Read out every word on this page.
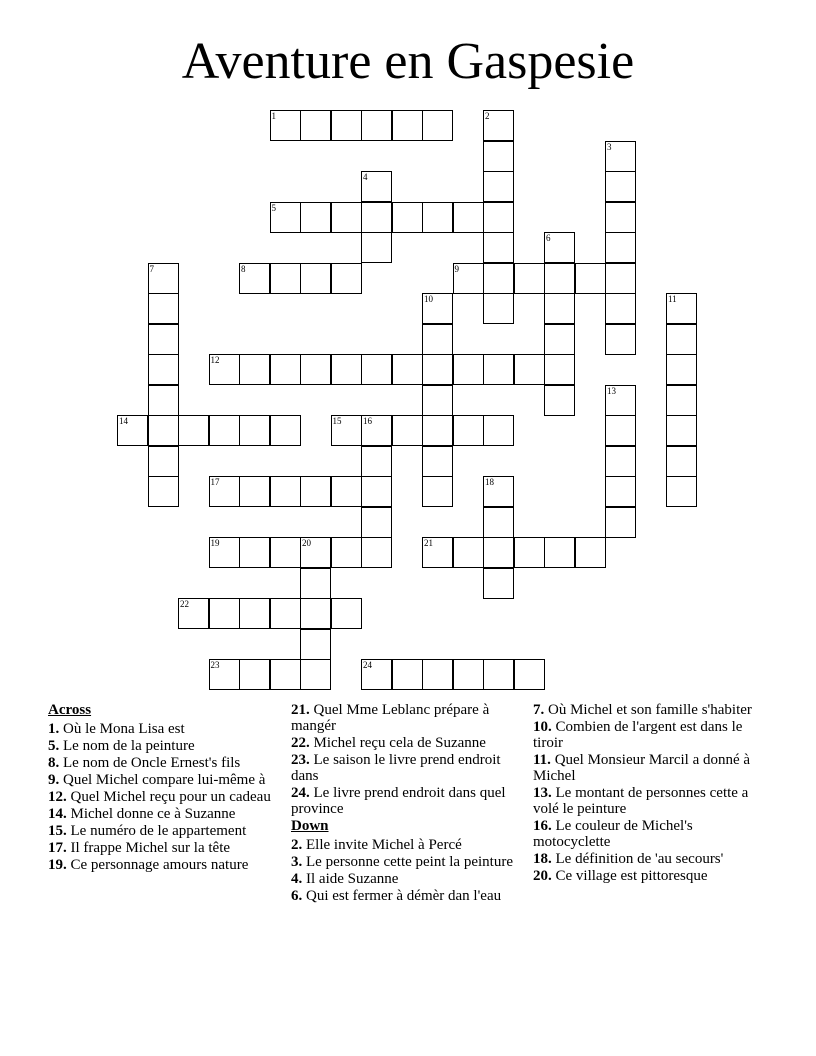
Aventure en Gaspesie
1	2
3
4
5
6
7	8	9
10	11
12
13
14	15 16
17	18
19	20	21
22
23	24
Across
1. Où le Mona Lisa est
5. Le nom de la peinture
8. Le nom de Oncle Ernest's fils
9. Quel Michel compare lui-même à
12. Quel Michel reçu pour un cadeau
14. Michel donne ce à Suzanne
15. Le numéro de le appartement
17. Il frappe Michel sur la tête
19. Ce personnage amours nature
21. Quel Mme Leblanc prépare à mangér
22. Michel reçu cela de Suzanne
23. Le saison le livre prend endroit dans
24. Le livre prend endroit dans quel province
Down
2. Elle invite Michel à Percé
3. Le personne cette peint la peinture
4. Il aide Suzanne
6. Qui est fermer à démèr dan l'eau
7. Où Michel et son famille s'habiter
10. Combien de l'argent est dans le tiroir
11. Quel Monsieur Marcil a donné à Michel
13. Le montant de personnes cette a volé le peinture
16. Le couleur de Michel's motocyclette
18. Le définition de 'au secours'
20. Ce village est pittoresque
